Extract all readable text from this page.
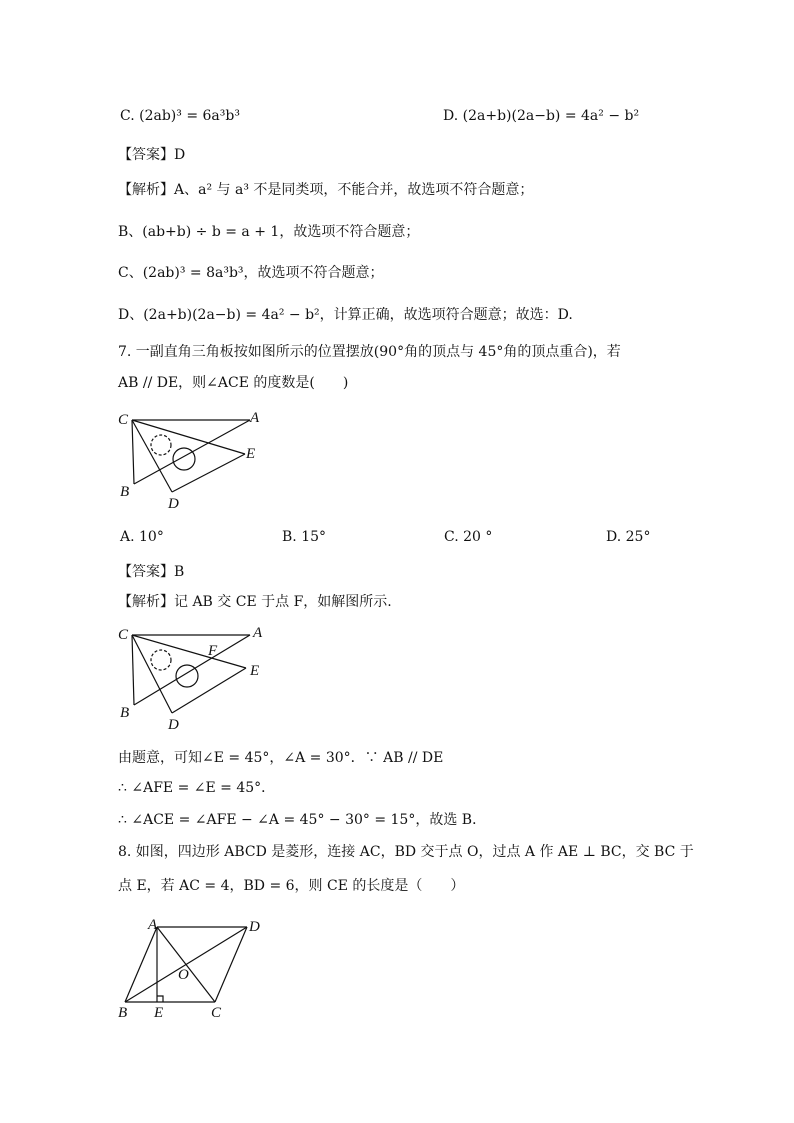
C. (2ab)³ = 6a³b³	D. (2a+b)(2a−b) = 4a² − b²
【答案】D
【解析】A、a² 与 a³ 不是同类项，不能合并，故选项不符合题意；
B、(ab+b) ÷ b = a + 1，故选项不符合题意；
C、(2ab)³ = 8a³b³，故选项不符合题意；
D、(2a+b)(2a−b) = 4a² − b²，计算正确，故选项符合题意；故选：D.
7. 一副直角三角板按如图所示的位置摆放(90°角的顶点与 45°角的顶点重合)，若
AB // DE，则∠ACE 的度数是(　　)
C	A
E
B
D
A. 10°	B. 15°	C. 20 °	D. 25°
【答案】B
【解析】记 AB 交 CE 于点 F，如解图所示.
C	A
F
E
B
D
由题意，可知∠E = 45°，∠A = 30°．∵ AB // DE
∴ ∠AFE = ∠E = 45°．
∴ ∠ACE = ∠AFE − ∠A = 45° − 30° = 15°，故选 B．
8. 如图，四边形 ABCD 是菱形，连接 AC，BD 交于点 O，过点 A 作 AE ⊥ BC，交 BC 于
点 E，若 AC = 4，BD = 6，则 CE 的长度是（　　）
A	D
O
B E	C
